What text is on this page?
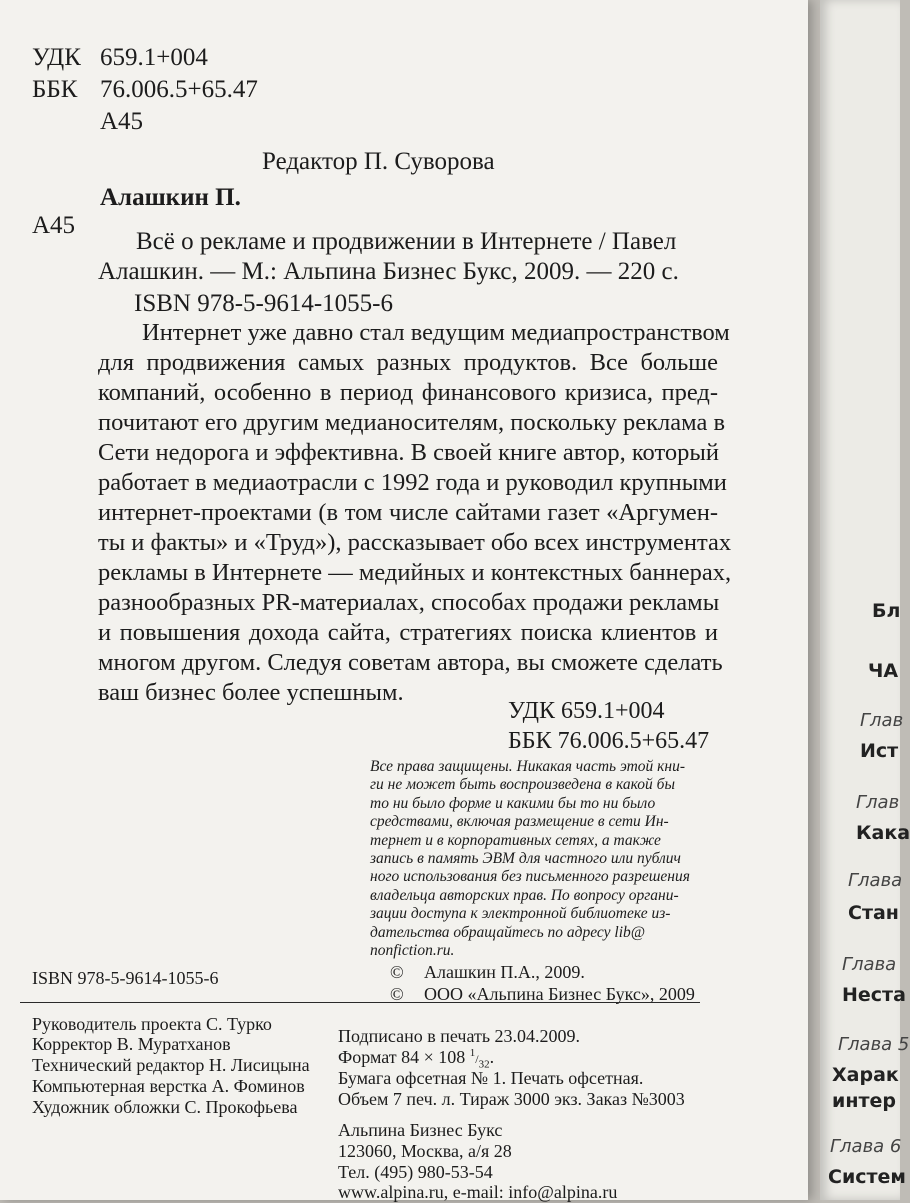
УДК 659.1+004
ББК 76.006.5+65.47
А45
Редактор П. Суворова
Алашкин П.
А45
Всё о рекламе и продвижении в Интернете / Павел
Алашкин. — М.: Альпина Бизнес Букс, 2009. — 220 с.
ISBN 978-5-9614-1055-6
Интернет уже давно стал ведущим медиапространством
для продвижения самых разных продуктов. Все больше
компаний, особенно в период финансового кризиса, пред-
почитают его другим медианосителям, поскольку реклама в
Сети недорога и эффективна. В своей книге автор, который
работает в медиаотрасли с 1992 года и руководил крупными
интернет-проектами (в том числе сайтами газет «Аргумен-
ты и факты» и «Труд»), рассказывает обо всех инструментах
рекламы в Интернете — медийных и контекстных баннерах,
разнообразных PR-материалах, способах продажи рекламы
и повышения дохода сайта, стратегиях поиска клиентов и
многом другом. Следуя советам автора, вы сможете сделать
ваш бизнес более успешным.
УДК 659.1+004
ББК 76.006.5+65.47
Все права защищены. Никакая часть этой кни-
ги не может быть воспроизведена в какой бы
то ни было форме и какими бы то ни было
средствами, включая размещение в сети Ин-
тернет и в корпоративных сетях, а также
запись в память ЭВМ для частного или публич
ного использования без письменного разрешения
владельца авторских прав. По вопросу органи-
зации доступа к электронной библиотеке из-
дательства обращайтесь по адресу lib@
nonfiction.ru.
ISBN 978-5-9614-1055-6	© Алашкин П.А., 2009.
© ООО «Альпина Бизнес Букс», 2009
Руководитель проекта С. Турко
Корректор В. Муратханов
Технический редактор Н. Лисицына
Компьютерная верстка А. Фоминов
Художник обложки С. Прокофьева
Подписано в печать 23.04.2009.
Формат 84 × 108 $^1/_{32}$.
Бумага офсетная № 1. Печать офсетная.
Объем 7 печ. л. Тираж 3000 экз. Заказ №3003
Альпина Бизнес Букс
123060, Москва, а/я 28
Тел. (495) 980-53-54
www.alpina.ru, e-mail: info@alpina.ru
Бл
ЧА
Глав
Ист
Глав
Кака
Глава
Стан
Глава
Неста
Глава 5
Харак
интер
Глава 6
Систем
